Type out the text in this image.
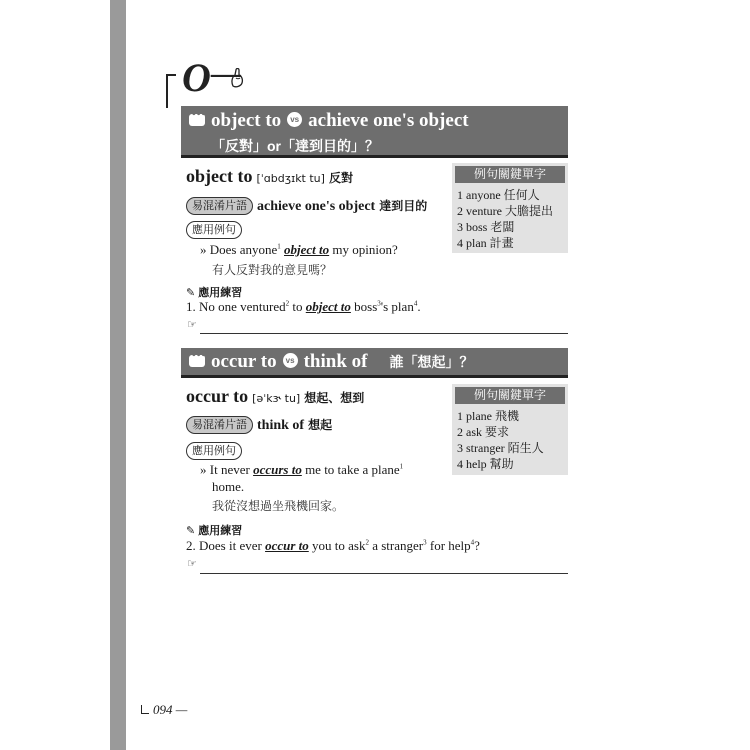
O—
•••object to vs achieve one's object
「反對」or「達到目的」？
object to [ˈɑbdʒɪkt tu] 反對	例句關鍵單字
1 anyone 任何人
2 venture 大膽提出
3 boss 老闆
4 plan 計畫
易混淆片語 achieve one's object 達到目的
應用例句
» Does anyone$^1$ object to my opinion?
有人反對我的意見嗎？
✎ 應用練習
1. No one ventured$^2$ to object to boss$^3$'s plan$^4$.
☞
•••occur to vs think of 誰「想起」？
occur to [əˈkɝ tu] 想起、想到	例句關鍵單字
1 plane 飛機
2 ask 要求
3 stranger 陌生人
4 help 幫助
易混淆片語 think of 想起
應用例句
» It never occurs to me to take a plane$^1$
home.
我從沒想過坐飛機回家。
✎ 應用練習
2. Does it ever occur to you to ask$^2$ a stranger$^3$ for help$^4$?
☞
094 —
